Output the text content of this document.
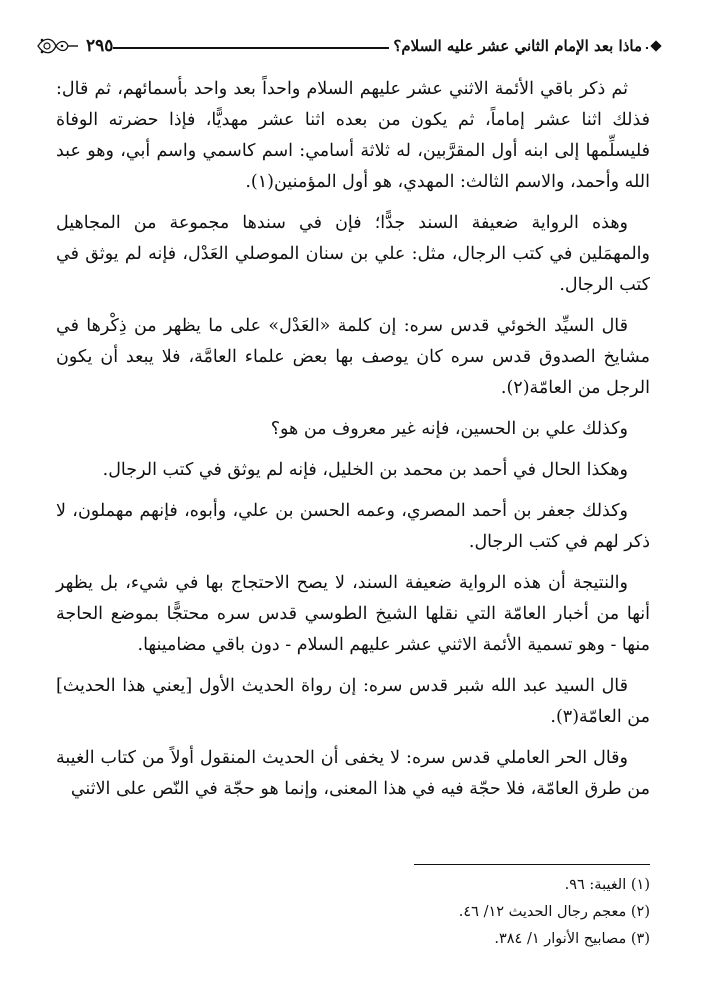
ماذا بعد الإمام الثاني عشر عليه السلام؟
٢٩٥

ثم ذكر باقي الأئمة الاثني عشر عليهم السلام واحداً بعد واحد بأسمائهم، ثم قال: فذلك اثنا عشر إماماً، ثم يكون من بعده اثنا عشر مهديًّا، فإذا حضرته الوفاة فليسلِّمها إلى ابنه أول المقرَّبين، له ثلاثة أسامي: اسم كاسمي واسم أبي، وهو عبد الله وأحمد، والاسم الثالث: المهدي، هو أول المؤمنين(١).

وهذه الرواية ضعيفة السند جدًّا؛ فإن في سندها مجموعة من المجاهيل والمهمَلين في كتب الرجال، مثل: علي بن سنان الموصلي العَدْل، فإنه لم يوثق في كتب الرجال.

قال السيِّد الخوئي قدس سره: إن كلمة «العَدْل» على ما يظهر من ذِكْرها في مشايخ الصدوق قدس سره كان يوصف بها بعض علماء العامَّة، فلا يبعد أن يكون الرجل من العامّة(٢).

وكذلك علي بن الحسين، فإنه غير معروف من هو؟

وهكذا الحال في أحمد بن محمد بن الخليل، فإنه لم يوثق في كتب الرجال.

وكذلك جعفر بن أحمد المصري، وعمه الحسن بن علي، وأبوه، فإنهم مهملون، لا ذكر لهم في كتب الرجال.

والنتيجة أن هذه الرواية ضعيفة السند، لا يصح الاحتجاج بها في شيء، بل يظهر أنها من أخبار العامّة التي نقلها الشيخ الطوسي قدس سره محتجًّا بموضع الحاجة منها - وهو تسمية الأئمة الاثني عشر عليهم السلام - دون باقي مضامينها.

قال السيد عبد الله شبر قدس سره: إن رواة الحديث الأول [يعني هذا الحديث] من العامّة(٣).

وقال الحر العاملي قدس سره: لا يخفى أن الحديث المنقول أولاً من كتاب الغيبة من طرق العامّة، فلا حجّة فيه في هذا المعنى، وإنما هو حجّة في النّص على الاثني

(١) الغيبة: ٩٦.
(٢) معجم رجال الحديث ١٢/ ٤٦.
(٣) مصابيح الأنوار ١/ ٣٨٤.
